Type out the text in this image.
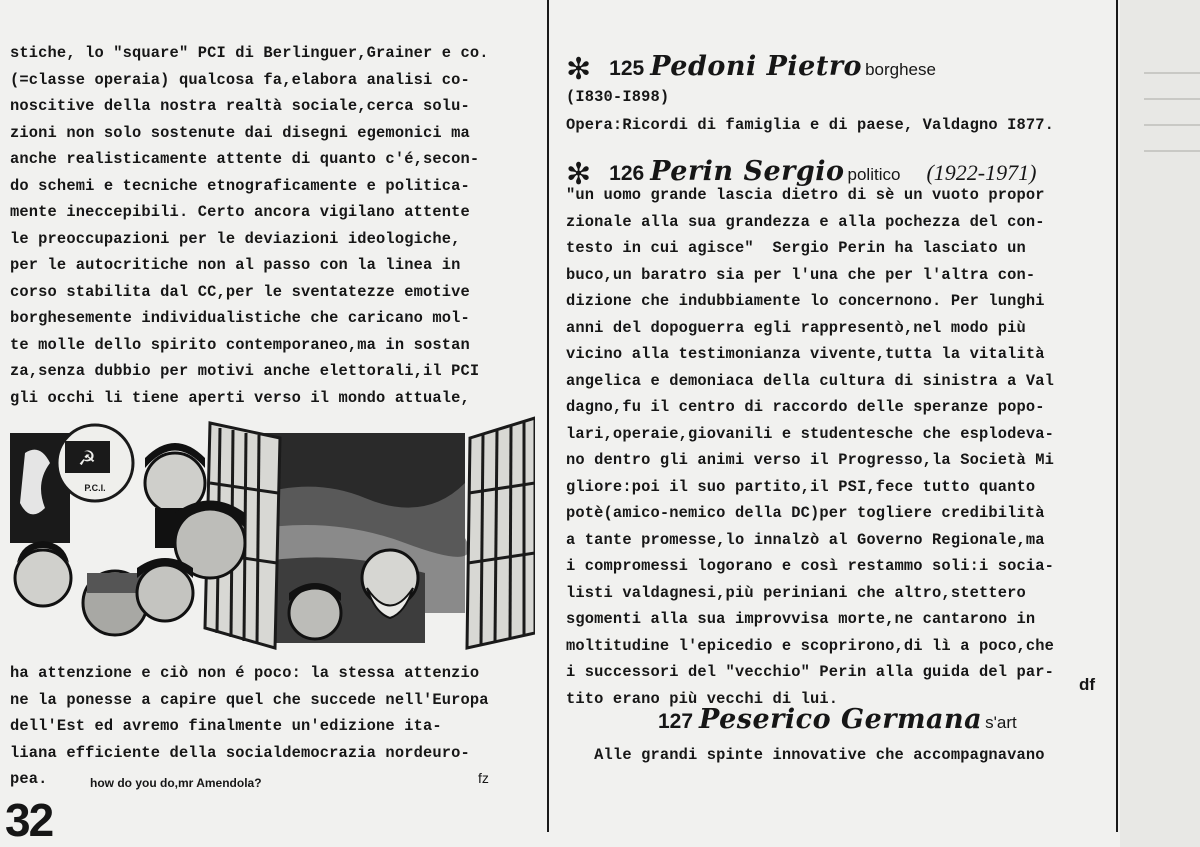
stiche, lo "square" PCI di Berlinguer,Grainer e co.
(=classe operaia) qualcosa fa,elabora analisi co-
noscitive della nostra realtà sociale,cerca solu-
zioni non solo sostenute dai disegni egemonici ma
anche realisticamente attente di quanto c'é,secon-
do schemi e tecniche etnograficamente e politica-
mente ineccepibili. Certo ancora vigilano attente
le preoccupazioni per le deviazioni ideologiche,
per le autocritiche non al passo con la linea in
corso stabilita dal CC,per le sventatezze emotive
borghesemente individualistiche che caricano mol-
te molle dello spirito contemporaneo,ma in sostan
za,senza dubbio per motivi anche elettorali,il PCI
gli occhi li tiene aperti verso il mondo attuale,
☭
P.C.I.
ha attenzione e ciò non é poco: la stessa attenzio
ne la ponesse a capire quel che succede nell'Europa
dell'Est ed avremo finalmente un'edizione ita-
liana efficiente della socialdemocrazia nordeuro-
pea.	how do you do,mr Amendola?	fz
32
✻ 125 Pedoni Pietro borghese
(I830-I898)
Opera:Ricordi di famiglia e di paese, Valdagno I877.
✻ 126 Perin Sergio politico (1922-1971)
"un uomo grande lascia dietro di sè un vuoto propor
zionale alla sua grandezza e alla pochezza del con-
testo in cui agisce"  Sergio Perin ha lasciato un
buco,un baratro sia per l'una che per l'altra con-
dizione che indubbiamente lo concernono. Per lunghi
anni del dopoguerra egli rappresentò,nel modo più
vicino alla testimonianza vivente,tutta la vitalità
angelica e demoniaca della cultura di sinistra a Val
dagno,fu il centro di raccordo delle speranze popo-
lari,operaie,giovanili e studentesche che esplodeva-
no dentro gli animi verso il Progresso,la Società Mi
gliore:poi il suo partito,il PSI,fece tutto quanto
potè(amico-nemico della DC)per togliere credibilità
a tante promesse,lo innalzò al Governo Regionale,ma
i compromessi logorano e così restammo soli:i socia-
listi valdagnesi,più periniani che altro,stettero
sgomenti alla sua improvvisa morte,ne cantarono in
moltitudine l'epicedio e scoprirono,di lì a poco,che
i successori del "vecchio" Perin alla guida del par-
tito erano più vecchi di lui.
df
127 Peserico Germana s'art
Alle grandi spinte innovative che accompagnavano
